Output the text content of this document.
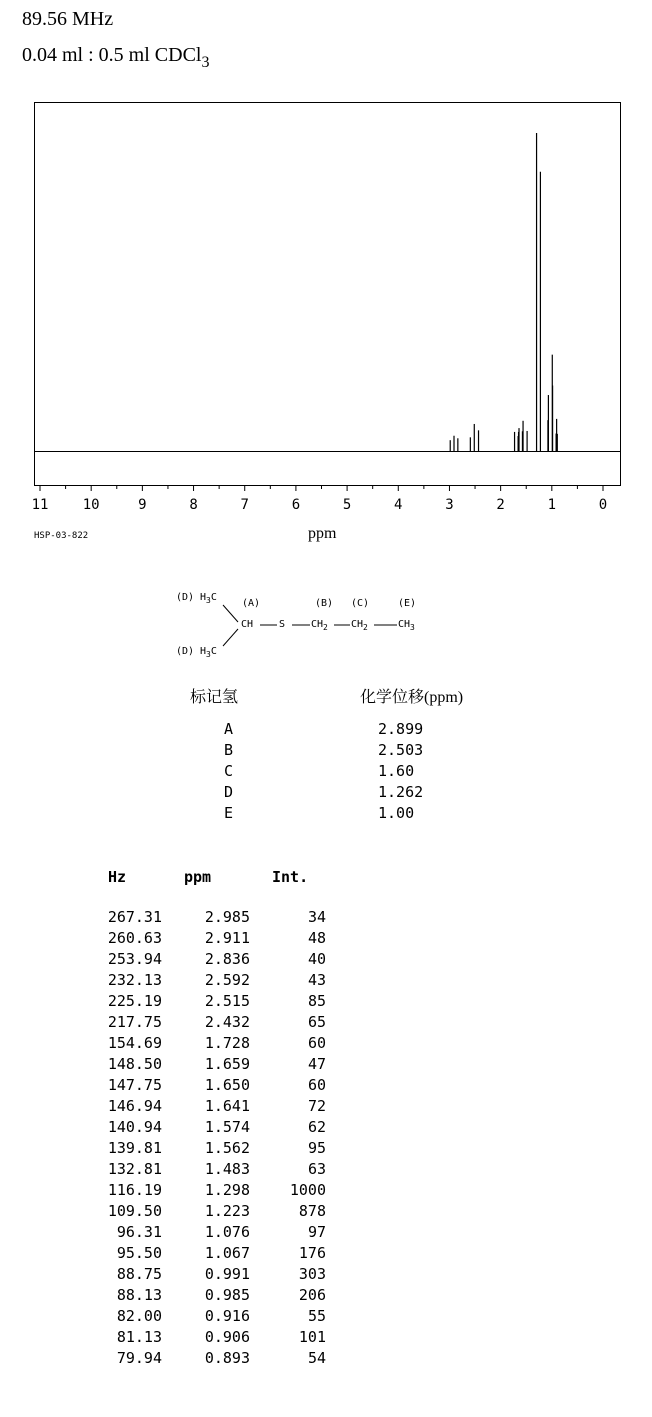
89.56 MHz
0.04 ml : 0.5 ml CDCl$_3$
11 10	9	8	7	6	5	4	3	2	1	0
HSP-03-822	ppm
(D) $H_3C$
(A)	(B) (C)	(E)
CH	S	$CH_2$ $CH_2$	$CH_3$
(D) $H_3C$
标记氢	化学位移(ppm)
A	2.899
B	2.503
C	1.60
D	1.262
E	1.00
Hz	ppm	Int.
267.31	2.985	34
260.63	2.911	48
253.94	2.836	40
232.13	2.592	43
225.19	2.515	85
217.75	2.432	65
154.69	1.728	60
148.50	1.659	47
147.75	1.650	60
146.94	1.641	72
140.94	1.574	62
139.81	1.562	95
132.81	1.483	63
116.19	1.298	1000
109.50	1.223	878
96.31	1.076	97
95.50	1.067	176
88.75	0.991	303
88.13	0.985	206
82.00	0.916	55
81.13	0.906	101
79.94	0.893	54
